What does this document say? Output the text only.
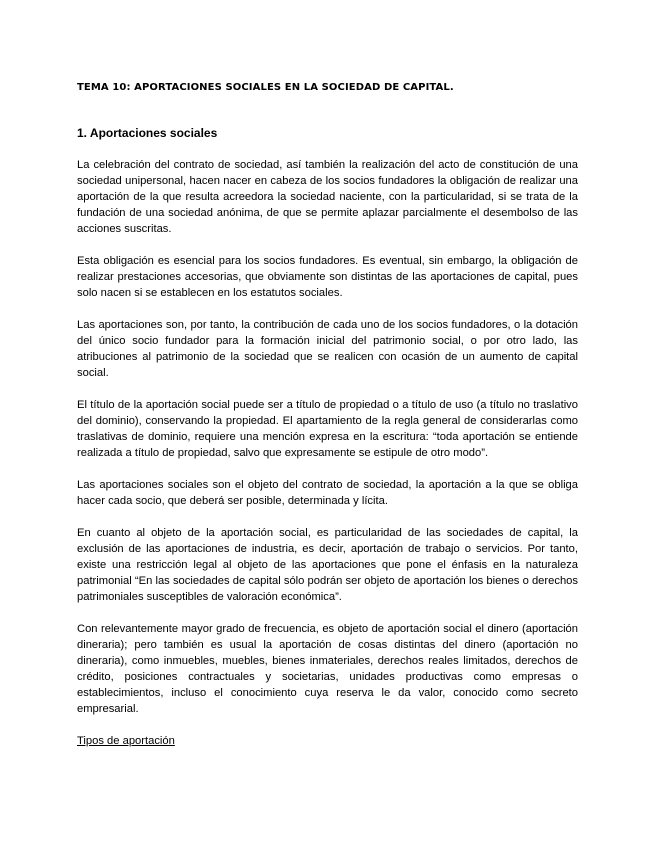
TEMA 10: APORTACIONES SOCIALES EN LA SOCIEDAD DE CAPITAL.
1. Aportaciones sociales

La celebración del contrato de sociedad, así también la realización del acto de constitución de una sociedad unipersonal, hacen nacer en cabeza de los socios fundadores la obligación de realizar una aportación de la que resulta acreedora la sociedad naciente, con la particularidad, si se trata de la fundación de una sociedad anónima, de que se permite aplazar parcialmente el desembolso de las acciones suscritas.

Esta obligación es esencial para los socios fundadores. Es eventual, sin embargo, la obligación de realizar prestaciones accesorias, que obviamente son distintas de las aportaciones de capital, pues solo nacen si se establecen en los estatutos sociales.

Las aportaciones son, por tanto, la contribución de cada uno de los socios fundadores, o la dotación del único socio fundador para la formación inicial del patrimonio social, o por otro lado, las atribuciones al patrimonio de la sociedad que se realicen con ocasión de un aumento de capital social.

El título de la aportación social puede ser a título de propiedad o a título de uso (a título no traslativo del dominio), conservando la propiedad. El apartamiento de la regla general de considerarlas como traslativas de dominio, requiere una mención expresa en la escritura: “toda aportación se entiende realizada a título de propiedad, salvo que expresamente se estipule de otro modo”.

Las aportaciones sociales son el objeto del contrato de sociedad, la aportación a la que se obliga hacer cada socio, que deberá ser posible, determinada y lícita.

En cuanto al objeto de la aportación social, es particularidad de las sociedades de capital, la exclusión de las aportaciones de industria, es decir, aportación de trabajo o servicios. Por tanto, existe una restricción legal al objeto de las aportaciones que pone el énfasis en la naturaleza patrimonial “En las sociedades de capital sólo podrán ser objeto de aportación los bienes o derechos patrimoniales susceptibles de valoración económica”.

Con relevantemente mayor grado de frecuencia, es objeto de aportación social el dinero (aportación dineraria); pero también es usual la aportación de cosas distintas del dinero (aportación no dineraria), como inmuebles, muebles, bienes inmateriales, derechos reales limitados, derechos de crédito, posiciones contractuales y societarias, unidades productivas como empresas o establecimientos, incluso el conocimiento cuya reserva le da valor, conocido como secreto empresarial.

Tipos de aportación
